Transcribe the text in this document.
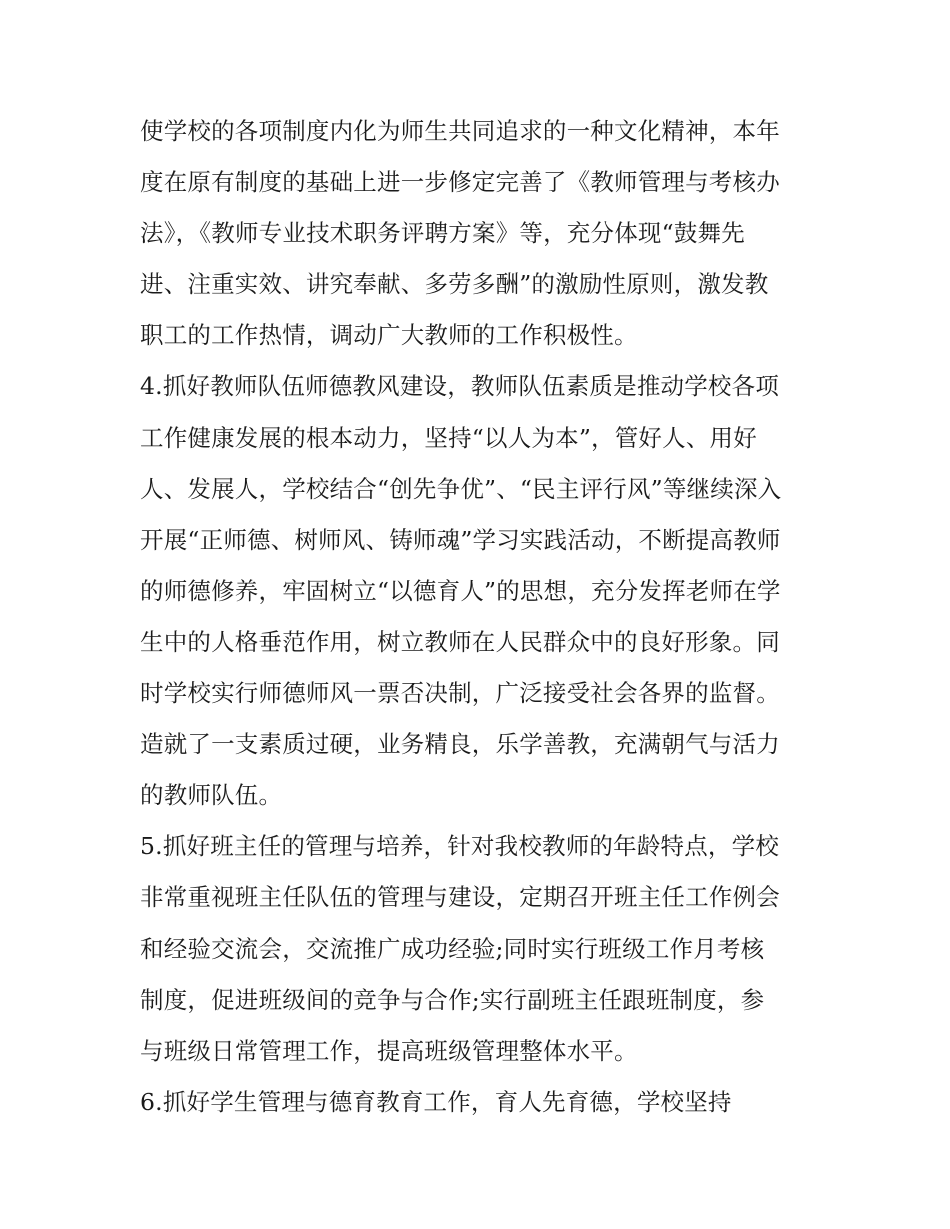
使学校的各项制度内化为师生共同追求的一种文化精神，本年
度在原有制度的基础上进一步修定完善了《教师管理与考核办
法》，《教师专业技术职务评聘方案》等，充分体现“鼓舞先
进、注重实效、讲究奉献、多劳多酬”的激励性原则，激发教
职工的工作热情，调动广大教师的工作积极性。
4.抓好教师队伍师德教风建设，教师队伍素质是推动学校各项
工作健康发展的根本动力，坚持“以人为本”，管好人、用好
人、发展人，学校结合“创先争优”、“民主评行风”等继续深入
开展“正师德、树师风、铸师魂”学习实践活动，不断提高教师
的师德修养，牢固树立“以德育人”的思想，充分发挥老师在学
生中的人格垂范作用，树立教师在人民群众中的良好形象。同
时学校实行师德师风一票否决制，广泛接受社会各界的监督。
造就了一支素质过硬，业务精良，乐学善教，充满朝气与活力
的教师队伍。
5.抓好班主任的管理与培养，针对我校教师的年龄特点，学校
非常重视班主任队伍的管理与建设，定期召开班主任工作例会
和经验交流会，交流推广成功经验;同时实行班级工作月考核
制度，促进班级间的竞争与合作;实行副班主任跟班制度，参
与班级日常管理工作，提高班级管理整体水平。
6.抓好学生管理与德育教育工作，育人先育德，学校坚持
